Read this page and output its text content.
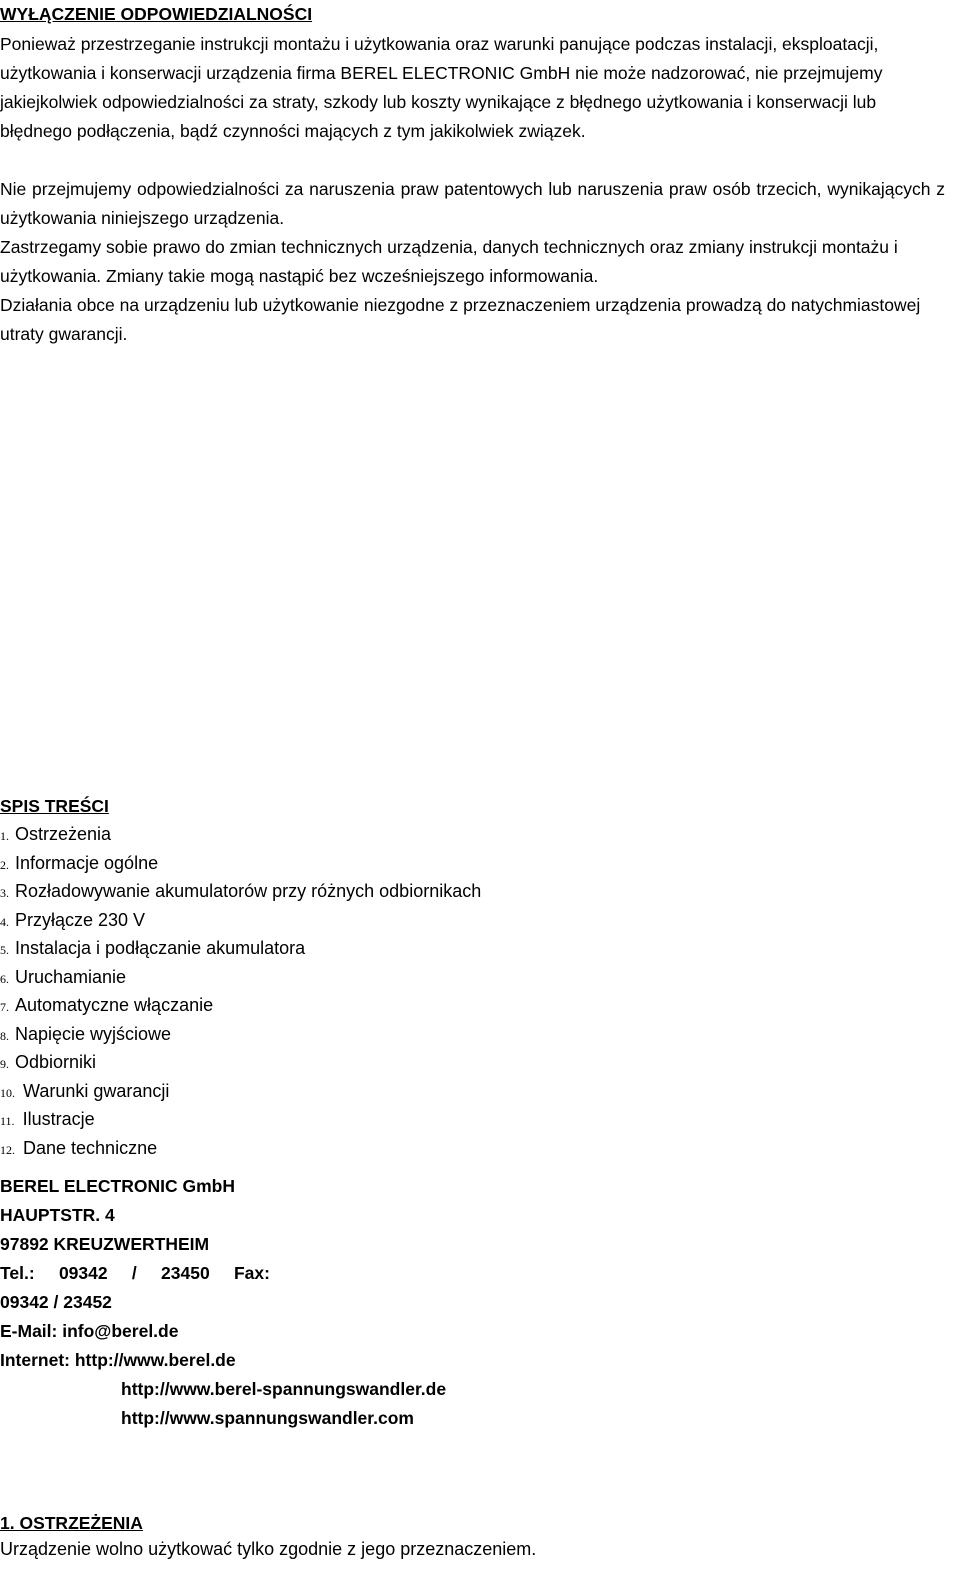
WYŁĄCZENIE ODPOWIEDZIALNOŚCI

Ponieważ przestrzeganie instrukcji montażu i użytkowania oraz warunki panujące podczas instalacji, eksploatacji, użytkowania i konserwacji urządzenia firma BEREL ELECTRONIC GmbH nie może nadzorować, nie przejmujemy jakiejkolwiek odpowiedzialności za straty, szkody lub koszty wynikające z błędnego użytkowania i konserwacji lub błędnego podłączenia, bądź czynności mających z tym jakikolwiek związek.

Nie przejmujemy odpowiedzialności za naruszenia praw patentowych lub naruszenia praw osób trzecich, wynikających z użytkowania niniejszego urządzenia.

Zastrzegamy sobie prawo do zmian technicznych urządzenia, danych technicznych oraz zmiany instrukcji montażu i użytkowania. Zmiany takie mogą nastąpić bez wcześniejszego informowania.

Działania obce na urządzeniu lub użytkowanie niezgodne z przeznaczeniem urządzenia prowadzą do natychmiastowej utraty gwarancji.

SPIS TREŚCI
1. Ostrzeżenia
2. Informacje ogólne
3. Rozładowywanie akumulatorów przy różnych odbiornikach
4. Przyłącze 230 V
5. Instalacja i podłączanie akumulatora
6. Uruchamianie
7. Automatyczne włączanie
8. Napięcie wyjściowe
9. Odbiorniki
10. Warunki gwarancji
11. Ilustracje
12. Dane techniczne
BEREL ELECTRONIC GmbH
HAUPTSTR. 4
97892 KREUZWERTHEIM
Tel.: 09342 / 23450 Fax:
09342 / 23452
E-Mail: info@berel.de
Internet: http://www.berel.de
http://www.berel-spannungswandler.de
http://www.spannungswandler.com
1. OSTRZEŻENIA

Urządzenie wolno użytkować tylko zgodnie z jego przeznaczeniem.
